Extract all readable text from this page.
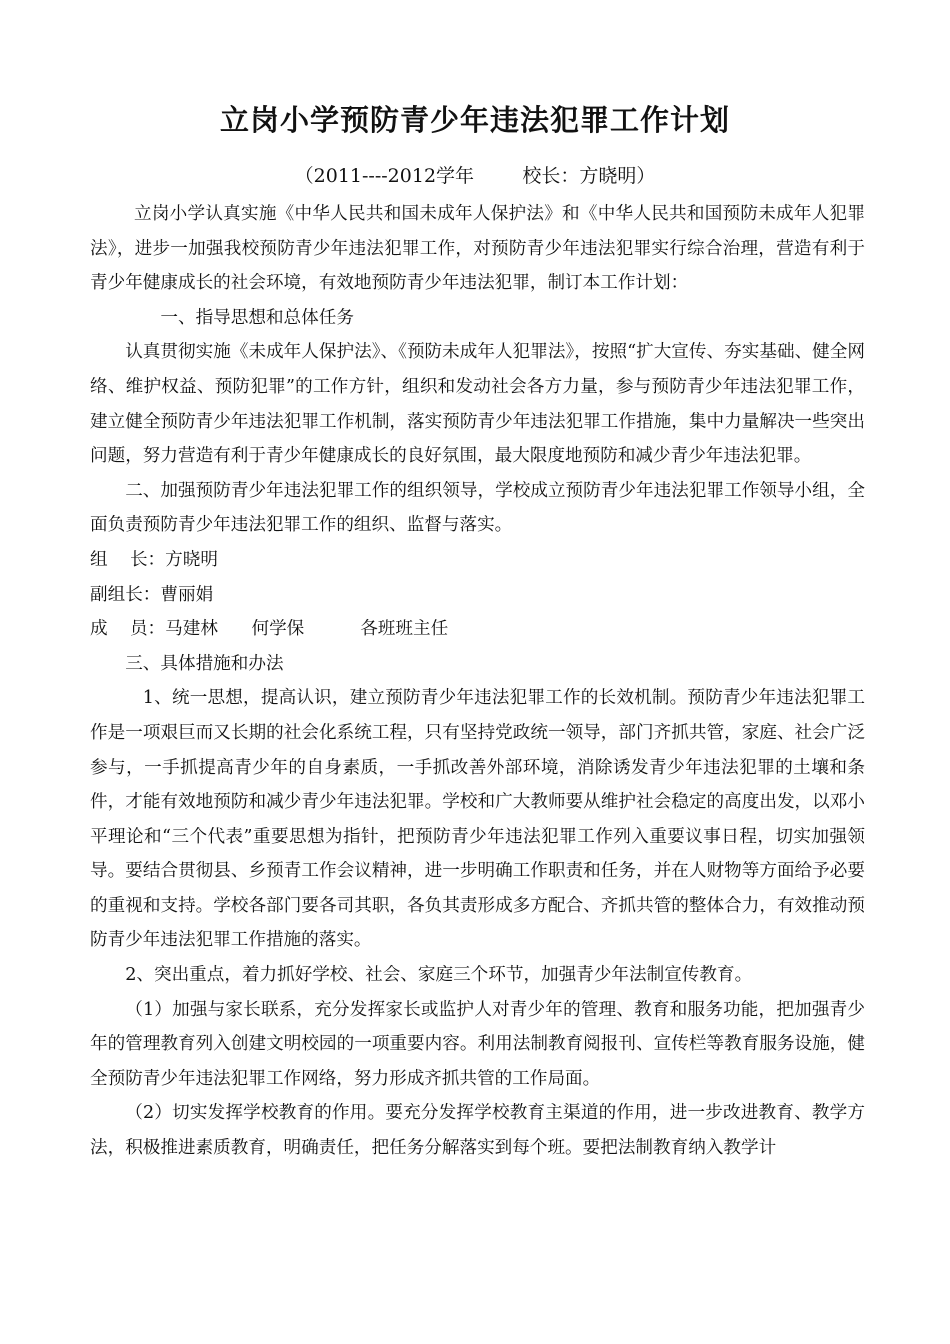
立岗小学预防青少年违法犯罪工作计划
（2011----2012学年        校长：方晓明）

立岗小学认真实施《中华人民共和国未成年人保护法》和《中华人民共和国预防未成年人犯罪法》，进步一加强我校预防青少年违法犯罪工作，对预防青少年违法犯罪实行综合治理，营造有利于青少年健康成长的社会环境，有效地预防青少年违法犯罪，制订本工作计划：

一、指导思想和总体任务

认真贯彻实施《未成年人保护法》、《预防未成年人犯罪法》，按照“扩大宣传、夯实基础、健全网络、维护权益、预防犯罪”的工作方针，组织和发动社会各方力量，参与预防青少年违法犯罪工作，建立健全预防青少年违法犯罪工作机制，落实预防青少年违法犯罪工作措施，集中力量解决一些突出问题，努力营造有利于青少年健康成长的良好氛围，最大限度地预防和减少青少年违法犯罪。

二、加强预防青少年违法犯罪工作的组织领导，学校成立预防青少年违法犯罪工作领导小组，全面负责预防青少年违法犯罪工作的组织、监督与落实。

组    长：方晓明

副组长：曹丽娟

成    员：马建林      何学保          各班班主任

三、具体措施和办法

1、统一思想，提高认识，建立预防青少年违法犯罪工作的长效机制。预防青少年违法犯罪工作是一项艰巨而又长期的社会化系统工程，只有坚持党政统一领导，部门齐抓共管，家庭、社会广泛参与，一手抓提高青少年的自身素质，一手抓改善外部环境，消除诱发青少年违法犯罪的土壤和条件，才能有效地预防和减少青少年违法犯罪。学校和广大教师要从维护社会稳定的高度出发，以邓小平理论和“三个代表”重要思想为指针，把预防青少年违法犯罪工作列入重要议事日程，切实加强领导。要结合贯彻县、乡预青工作会议精神，进一步明确工作职责和任务，并在人财物等方面给予必要的重视和支持。学校各部门要各司其职，各负其责形成多方配合、齐抓共管的整体合力，有效推动预防青少年违法犯罪工作措施的落实。

2、突出重点，着力抓好学校、社会、家庭三个环节，加强青少年法制宣传教育。

（1）加强与家长联系，充分发挥家长或监护人对青少年的管理、教育和服务功能，把加强青少年的管理教育列入创建文明校园的一项重要内容。利用法制教育阅报刊、宣传栏等教育服务设施，健全预防青少年违法犯罪工作网络，努力形成齐抓共管的工作局面。

（2）切实发挥学校教育的作用。要充分发挥学校教育主渠道的作用，进一步改进教育、教学方法，积极推进素质教育，明确责任，把任务分解落实到每个班。要把法制教育纳入教学计
